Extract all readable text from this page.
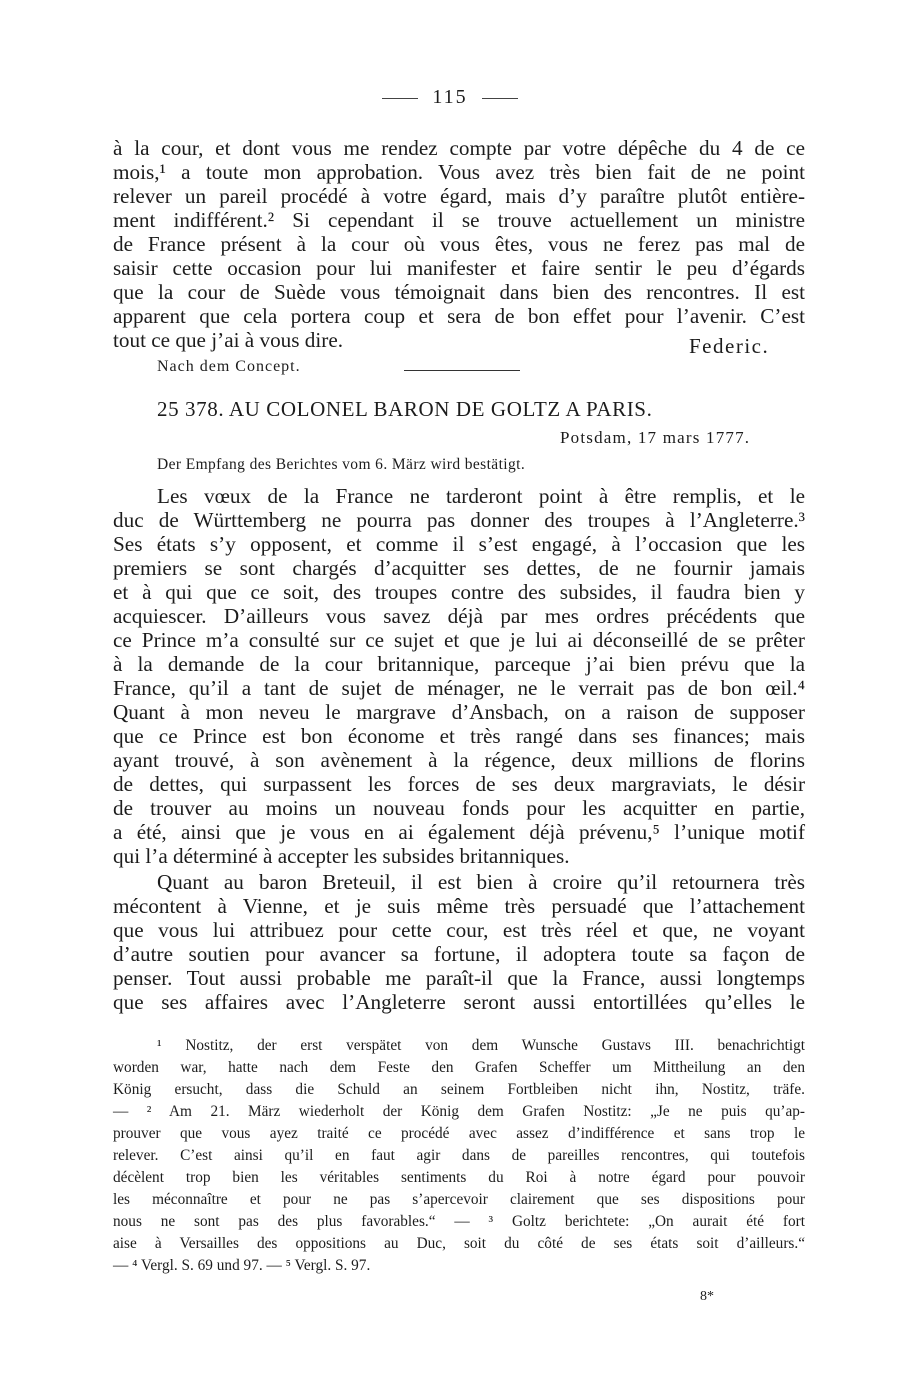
115
à la cour, et dont vous me rendez compte par votre dépêche du 4 de ce
mois,¹ a toute mon approbation. Vous avez très bien fait de ne point
relever un pareil procédé à votre égard, mais d’y paraître plutôt entière-
ment indifférent.² Si cependant il se trouve actuellement un ministre
de France présent à la cour où vous êtes, vous ne ferez pas mal de
saisir cette occasion pour lui manifester et faire sentir le peu d’égards
que la cour de Suède vous témoignait dans bien des rencontres. Il est
apparent que cela portera coup et sera de bon effet pour l’avenir. C’est
tout ce que j’ai à vous dire.	Federic.
Nach dem Concept.
25 378. AU COLONEL BARON DE GOLTZ A PARIS.
Potsdam, 17 mars 1777.
Der Empfang des Berichtes vom 6. März wird bestätigt.
Les vœux de la France ne tarderont point à être remplis, et le
duc de Württemberg ne pourra pas donner des troupes à l’Angleterre.³
Ses états s’y opposent, et comme il s’est engagé, à l’occasion que les
premiers se sont chargés d’acquitter ses dettes, de ne fournir jamais
et à qui que ce soit, des troupes contre des subsides, il faudra bien y
acquiescer. D’ailleurs vous savez déjà par mes ordres précédents que
ce Prince m’a consulté sur ce sujet et que je lui ai déconseillé de se prêter
à la demande de la cour britannique, parceque j’ai bien prévu que la
France, qu’il a tant de sujet de ménager, ne le verrait pas de bon œil.⁴
Quant à mon neveu le margrave d’Ansbach, on a raison de supposer
que ce Prince est bon économe et très rangé dans ses finances; mais
ayant trouvé, à son avènement à la régence, deux millions de florins
de dettes, qui surpassent les forces de ses deux margraviats, le désir
de trouver au moins un nouveau fonds pour les acquitter en partie,
a été, ainsi que je vous en ai également déjà prévenu,⁵ l’unique motif
qui l’a déterminé à accepter les subsides britanniques.
Quant au baron Breteuil, il est bien à croire qu’il retournera très
mécontent à Vienne, et je suis même très persuadé que l’attachement
que vous lui attribuez pour cette cour, est très réel et que, ne voyant
d’autre soutien pour avancer sa fortune, il adoptera toute sa façon de
penser. Tout aussi probable me paraît-il que la France, aussi longtemps
que ses affaires avec l’Angleterre seront aussi entortillées qu’elles le
¹ Nostitz, der erst verspätet von dem Wunsche Gustavs III. benachrichtigt
worden war, hatte nach dem Feste den Grafen Scheffer um Mittheilung an den
König ersucht, dass die Schuld an seinem Fortbleiben nicht ihn, Nostitz, träfe.
— ² Am 21. März wiederholt der König dem Grafen Nostitz: „Je ne puis qu’ap-
prouver que vous ayez traité ce procédé avec assez d’indifférence et sans trop le
relever. C’est ainsi qu’il en faut agir dans de pareilles rencontres, qui toutefois
décèlent trop bien les véritables sentiments du Roi à notre égard pour pouvoir
les méconnaître et pour ne pas s’apercevoir clairement que ses dispositions pour
nous ne sont pas des plus favorables.“ — ³ Goltz berichtete: „On aurait été fort
aise à Versailles des oppositions au Duc, soit du côté de ses états soit d’ailleurs.“
— ⁴ Vergl. S. 69 und 97. — ⁵ Vergl. S. 97.
8*
